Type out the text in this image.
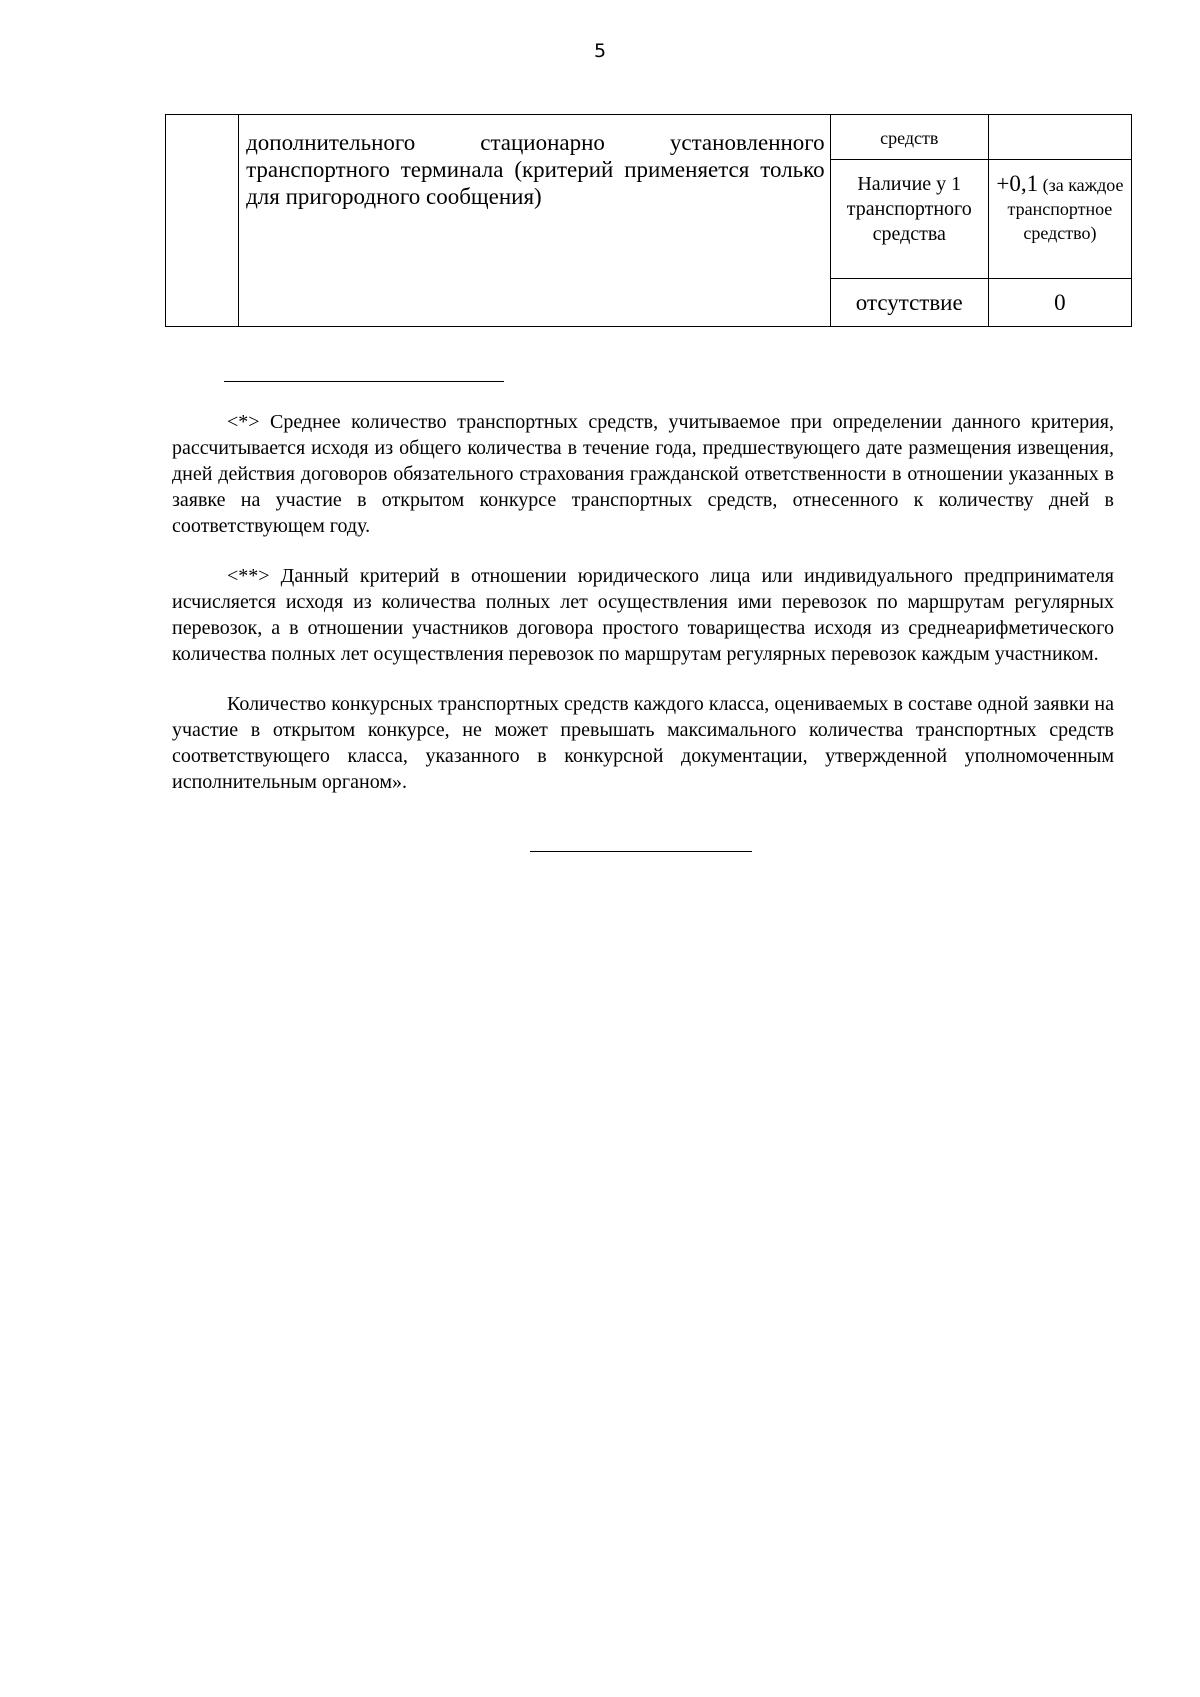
5

	дополнительного стационарно установленного
транспортного терминала (критерий применяется только для пригородного сообщения)	средств	

		Наличие у 1 транспортного средства	+0,1 (за каждое транспортное средство)

		отсутствие	0

<*> Среднее количество транспортных средств, учитываемое при определении данного критерия, рассчитывается исходя из общего количества в течение года, предшествующего дате размещения извещения, дней действия договоров обязательного страхования гражданской ответственности в отношении указанных в заявке на участие в открытом конкурсе транспортных средств, отнесенного к количеству дней в соответствующем году.

<**> Данный критерий в отношении юридического лица или индивидуального предпринимателя исчисляется исходя из количества полных лет осуществления ими перевозок по маршрутам регулярных перевозок, а в отношении участников договора простого товарищества исходя из среднеарифметического количества полных лет осуществления перевозок по маршрутам регулярных перевозок каждым участником.

Количество конкурсных транспортных средств каждого класса, оцениваемых в составе одной заявки на участие в открытом конкурсе, не может превышать максимального количества транспортных средств соответствующего класса, указанного в конкурсной документации, утвержденной уполномоченным исполнительным органом».
